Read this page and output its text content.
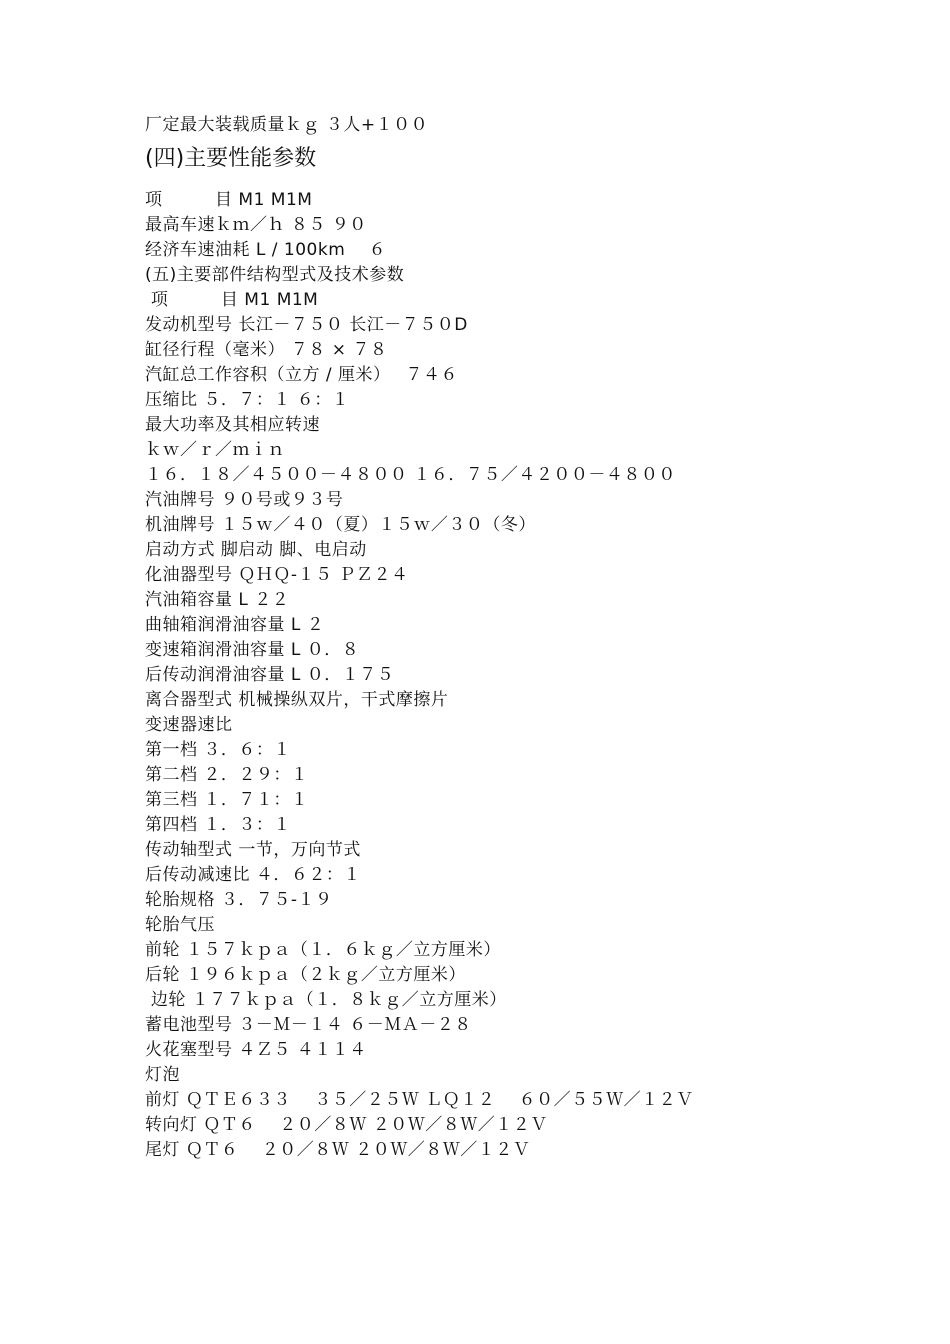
厂定最大装载质量ｋｇ ３人+１００
(四)主要性能参数
项　　　目 M1 M1M
最高车速ｋｍ／ｈ ８５ ９０
经济车速油耗 L / 100km　 ６
(五)主要部件结构型式及技术参数
项　　　目 M1 M1M
发动机型号 长江－７５０ 长江－７５０D
缸径行程（毫米） ７８ × ７８
汽缸总工作容积（立方 / 厘米）　 ７４６
压缩比 ５．７：１ ６：１
最大功率及其相应转速
ｋｗ／ｒ／ｍｉｎ
１６．１８／４５００－４８００ １６．７５／４２００－４８００
汽油牌号 ９０号或９３号
机油牌号 １５ｗ／４０（夏）１５ｗ／３０（冬）
启动方式 脚启动 脚、电启动
化油器型号 ＱＨＱ-１５ ＰＺ２４
汽油箱容量 L ２２
曲轴箱润滑油容量 L ２
变速箱润滑油容量 L ０．８
后传动润滑油容量 L ０．１７５
离合器型式 机械操纵双片，干式摩擦片
变速器速比
第一档 ３．６：１
第二档 ２．２９：１
第三档 １．７１：１
第四档 １．３：１
传动轴型式 一节，万向节式
后传动减速比 ４．６２：１
轮胎规格 ３．７５-１９
轮胎气压
前轮 １５７ｋｐａ（１．６ｋｇ／立方厘米）
后轮 １９６ｋｐａ（２ｋｇ／立方厘米）
边轮 １７７ｋｐａ（１．８ｋｇ／立方厘米）
蓄电池型号 ３－Ｍ－１４ ６－ＭＡ－２８
火花塞型号 ４Ｚ５ ４１１４
灯泡
前灯 ＱＴＥ６３３　 ３５／２５Ｗ ＬＱ１２　 ６０／５５Ｗ／１２Ｖ
转向灯 ＱＴ６　 ２０／８Ｗ ２０Ｗ／８Ｗ／１２Ｖ
尾灯 ＱＴ６　 ２０／８Ｗ ２０Ｗ／８Ｗ／１２Ｖ
